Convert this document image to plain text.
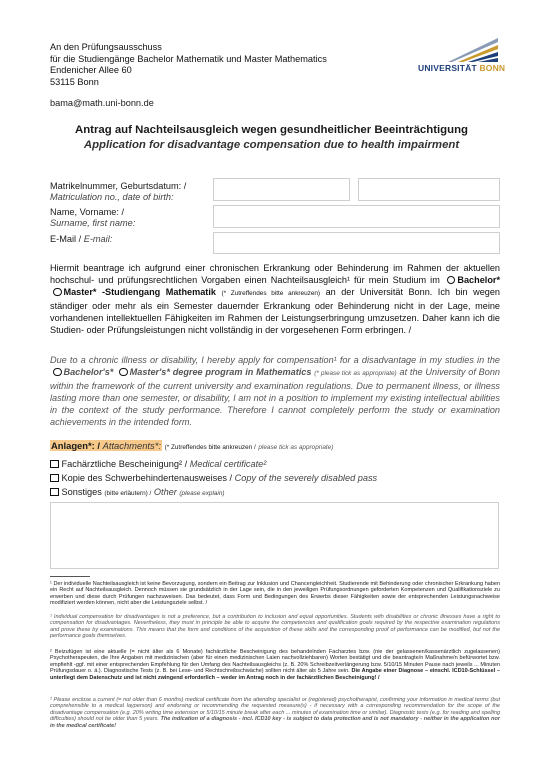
An den Prüfungsausschuss
für die Studiengänge Bachelor Mathematik und Master Mathematics
Endenicher Allee 60
53115 Bonn
bama@math.uni-bonn.de
UNIVERSITÄT BONN
Antrag auf Nachteilsausgleich wegen gesundheitlicher Beeinträchtigung
Application for disadvantage compensation due to health impairment
Matrikelnummer, Geburtsdatum: /
Matriculation no., date of birth:
Name, Vorname: /
Surname, first name:
E-Mail / E-mail:
Hiermit beantrage ich aufgrund einer chronischen Erkrankung oder Behinderung im Rahmen der aktuellen hochschul- und prüfungsrechtlichen Vorgaben einen Nachteilsausgleich¹ für mein Studium im Bachelor* Master* -Studiengang Mathematik (* Zutreffendes bitte ankreuzen) an der Universität Bonn. Ich bin wegen ständiger oder mehr als ein Semester dauernder Erkrankung oder Behinderung nicht in der Lage, meine vorhandenen intellektuellen Fähigkeiten im Rahmen der Leistungserbringung umzusetzen. Daher kann ich die Studien- oder Prüfungsleistungen nicht vollständig in der vorgesehenen Form erbringen. /
Due to a chronic illness or disability, I hereby apply for compensation¹ for a disadvantage in my studies in the Bachelor's* Master's* degree program in Mathematics (* please tick as appropriate) at the University of Bonn within the framework of the current university and examination regulations. Due to permanent illness, or illness lasting more than one semester, or disability, I am not in a position to implement my existing intellectual abilities in the context of the study performance. Therefore I cannot completely perform the study or examination achievements in the intended form.
Anlagen*: / Attachments*: (* Zutreffendes bitte ankreuzen / please tick as appropriate)
Fachärztliche Bescheinigung² / Medical certificate²
Kopie des Schwerbehindertenausweises / Copy of the severely disabled pass
Sonstiges (bitte erläutern) / Other (please explain)
¹ Der individuelle Nachteilsausgleich ist keine Bevorzugung, sondern ein Beitrag zur Inklusion und Chancengleichheit. Studierende mit Behinderung oder chronischer Erkrankung haben ein Recht auf Nachteilsausgleich. Dennoch müssen sie grundsätzlich in der Lage sein, die in den jeweiligen Prüfungsordnungen geforderten Kompetenzen und Qualifikationsziele zu erwerben und diese durch Prüfungen nachzuweisen. Das bedeutet, dass Form und Bedingungen des Erwerbs dieser Fähigkeiten sowie der entsprechenden Leistungsnachweise modifiziert werden können, nicht aber die Leistungsziele selbst. /
¹ Individual compensation for disadvantages is not a preference, but a contribution to inclusion and equal opportunities. Students with disabilities or chronic illnesses have a right to compensation for disadvantages. Nevertheless, they must in principle be able to acquire the competencies and qualification goals required by the respective examination regulations and prove these by examinations. This means that the form and conditions of the acquisition of these skills and the corresponding proof of performance can be modified, but not the performance goals themselves.
² Beizufügen ist eine aktuelle (= nicht älter als 6 Monate) fachärztliche Bescheinigung des behandelnden Facharztes bzw. (nie der gelassenen/kassenärztlich zugelassenen) Psychotherapeuten, die Ihre Angaben mit medizinischen (aber für einen medizinischen Laien nachvollziehbaren) Worten bestätigt und die beantragte/n Maßnahme/n befürwortet bzw. empfiehlt -ggf. mit einer entsprechenden Empfehlung für den Umfang des Nachteilsausgleichs (z. B. 20% Schreibzeitverlängerung bzw. 5/10/15 Minuten Pause nach jeweils ... Minuten Prüfungsdauer o. ä.). Diagnostische Tests (z. B. bei Lese- und Rechtschreibschwäche) sollten nicht älter als 5 Jahre sein. Die Angabe einer Diagnose – einschl. ICD10-Schlüssel – unterliegt dem Datenschutz und ist nicht zwingend erforderlich – weder im Antrag noch in der fachärztlichen Bescheinigung! /
² Please enclose a current (= not older than 6 months) medical certificate from the attending specialist or (registered) psychotherapist, confirming your information in medical terms (but comprehensible to a medical layperson) and endorsing or recommending the requested measure(s) - if necessary with a corresponding recommendation for the scope of the disadvantage compensation (e.g. 20% writing time extension or 5/10/15 minute break after each ... minutes of examination time or similar). Diagnostic tests (e.g. for reading and spelling difficulties) should not be older than 5 years. The indication of a diagnosis - incl. ICD10 key - is subject to data protection and is not mandatory - neither in the application nor in the medical certificate!
